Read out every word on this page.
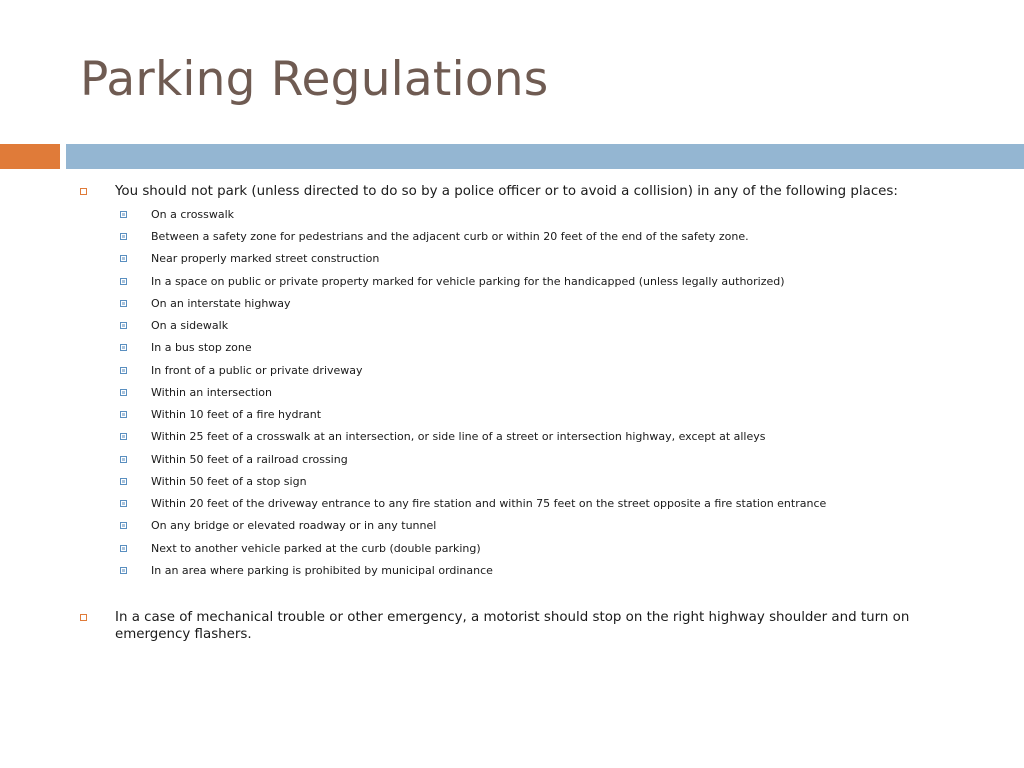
Parking Regulations
You should not park (unless directed to do so by a police officer or to avoid a collision) in any of the following places:
On a crosswalk
Between a safety zone for pedestrians and the adjacent curb or within 20 feet of the end of the safety zone.
Near properly marked street construction
In a space on public or private property marked for vehicle parking for the handicapped (unless legally authorized)
On an interstate highway
On a sidewalk
In a bus stop zone
In front of a public or private driveway
Within an intersection
Within 10 feet of a fire hydrant
Within 25 feet of a crosswalk at an intersection, or side line of a street or intersection highway, except at alleys
Within 50 feet of a railroad crossing
Within 50 feet of a stop sign
Within 20 feet of the driveway entrance to any fire station and within 75 feet on the street opposite a fire station entrance
On any bridge or elevated roadway or in any tunnel
Next to another vehicle parked at the curb (double parking)
In an area where parking is prohibited by municipal ordinance
In a case of mechanical trouble or other emergency, a motorist should stop on the right highway shoulder and turn on emergency flashers.
